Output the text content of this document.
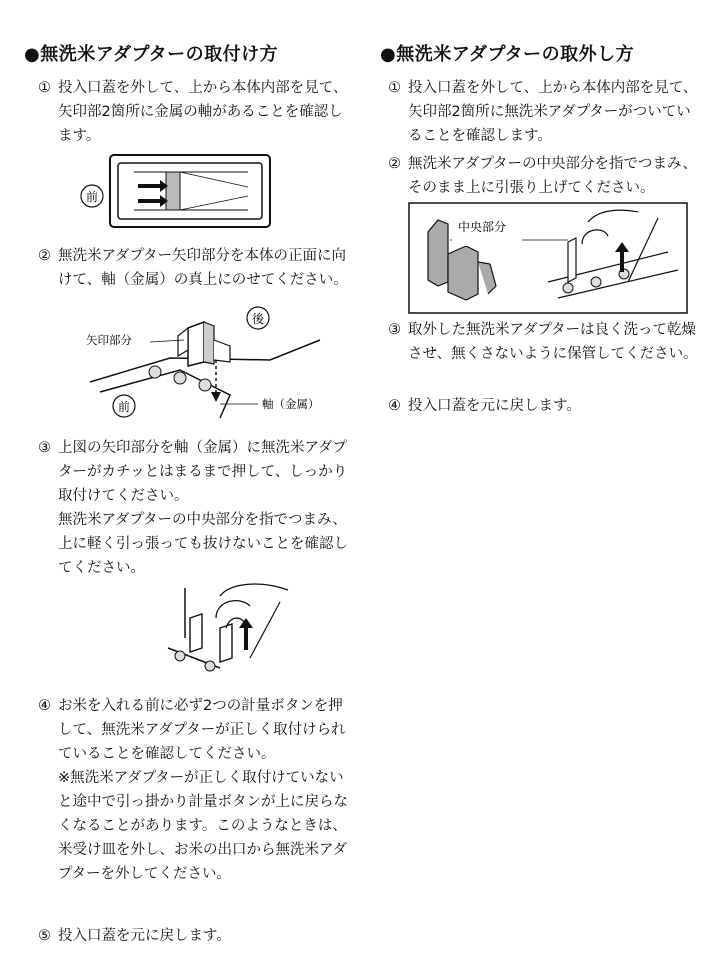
●無洗米アダプターの取付け方
① 投入口蓋を外して、上から本体内部を見て、矢印部2箇所に金属の軸があることを確認します。
前
② 無洗米アダプター矢印部分を本体の正面に向けて、軸（金属）の真上にのせてください。
後
前
矢印部分
軸（金属）
③ 上図の矢印部分を軸（金属）に無洗米アダプターがカチッとはまるまで押して、しっかり取付けてください。
無洗米アダプターの中央部分を指でつまみ、上に軽く引っ張っても抜けないことを確認してください。
④ お米を入れる前に必ず2つの計量ボタンを押して、無洗米アダプターが正しく取付けられていることを確認してください。
※無洗米アダプターが正しく取付けていないと途中で引っ掛かり計量ボタンが上に戻らなくなることがあります。このようなときは、米受け皿を外し、お米の出口から無洗米アダプターを外してください。
⑤ 投入口蓋を元に戻します。
●無洗米アダプターの取外し方
① 投入口蓋を外して、上から本体内部を見て、矢印部2箇所に無洗米アダプターがついていることを確認します。
② 無洗米アダプターの中央部分を指でつまみ、そのまま上に引張り上げてください。
中央部分
③ 取外した無洗米アダプターは良く洗って乾燥させ、無くさないように保管してください。
④ 投入口蓋を元に戻します。
